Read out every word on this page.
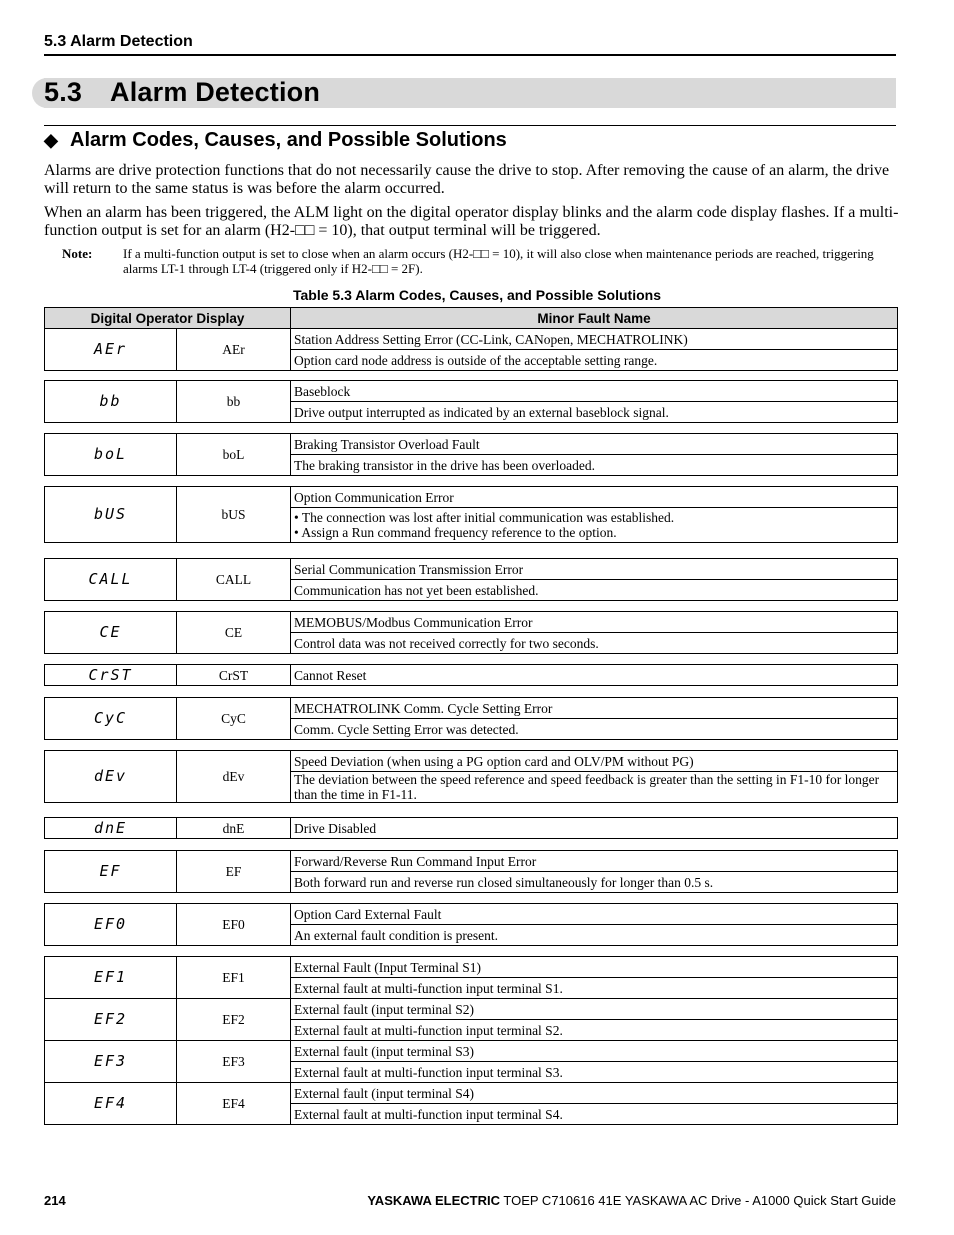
5.3 Alarm Detection
5.3 Alarm Detection
◆ Alarm Codes, Causes, and Possible Solutions
Alarms are drive protection functions that do not necessarily cause the drive to stop. After removing the cause of an alarm, the drive will return to the same status is was before the alarm occurred.
When an alarm has been triggered, the ALM light on the digital operator display blinks and the alarm code display flashes. If a multi-function output is set for an alarm (H2-□□ = 10), that output terminal will be triggered.
Note: If a multi-function output is set to close when an alarm occurs (H2-□□ = 10), it will also close when maintenance periods are reached, triggering alarms LT-1 through LT-4 (triggered only if H2-□□ = 2F).
Table 5.3 Alarm Codes, Causes, and Possible Solutions
Digital Operator Display	Minor Fault Name
AEr	AEr	Station Address Setting Error (CC-Link, CANopen, MECHATROLINK)
Option card node address is outside of the acceptable setting range.
bb	bb	Baseblock
Drive output interrupted as indicated by an external baseblock signal.
boL	boL	Braking Transistor Overload Fault
The braking transistor in the drive has been overloaded.
bUS	bUS	Option Communication Error

• The connection was lost after initial communication was established.
• Assign a Run command frequency reference to the option.
CALL	CALL	Serial Communication Transmission Error
Communication has not yet been established.
CE	CE	MEMOBUS/Modbus Communication Error
Control data was not received correctly for two seconds.
CrST	CrST	Cannot Reset
CyC	CyC	MECHATROLINK Comm. Cycle Setting Error
Comm. Cycle Setting Error was detected.
dEv	dEv	Speed Deviation (when using a PG option card and OLV/PM without PG)
The deviation between the speed reference and speed feedback is greater than the setting in F1-10 for longer than the time in F1-11.
dnE	dnE	Drive Disabled
EF	EF	Forward/Reverse Run Command Input Error
Both forward run and reverse run closed simultaneously for longer than 0.5 s.
EF0	EF0	Option Card External Fault
An external fault condition is present.
EF1	EF1	External Fault (Input Terminal S1)
		External fault at multi-function input terminal S1.
EF2	EF2	External fault (input terminal S2)
		External fault at multi-function input terminal S2.
EF3	EF3	External fault (input terminal S3)
		External fault at multi-function input terminal S3.
EF4	EF4	External fault (input terminal S4)
		External fault at multi-function input terminal S4.
214	YASKAWA ELECTRIC TOEP C710616 41E YASKAWA AC Drive - A1000 Quick Start Guide
